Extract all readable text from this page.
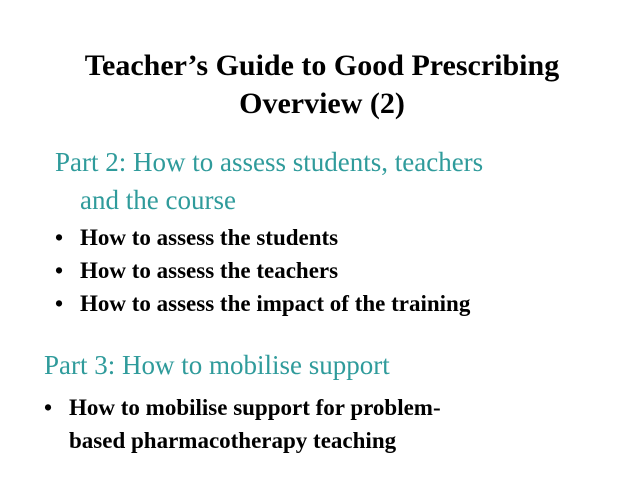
Teacher’s Guide to Good Prescribing
Overview (2)
Part 2: How to assess students, teachers
and the course
• How to assess the students
• How to assess the teachers
• How to assess the impact of the training
Part 3: How to mobilise support
• How to mobilise support for problem-
based pharmacotherapy teaching
